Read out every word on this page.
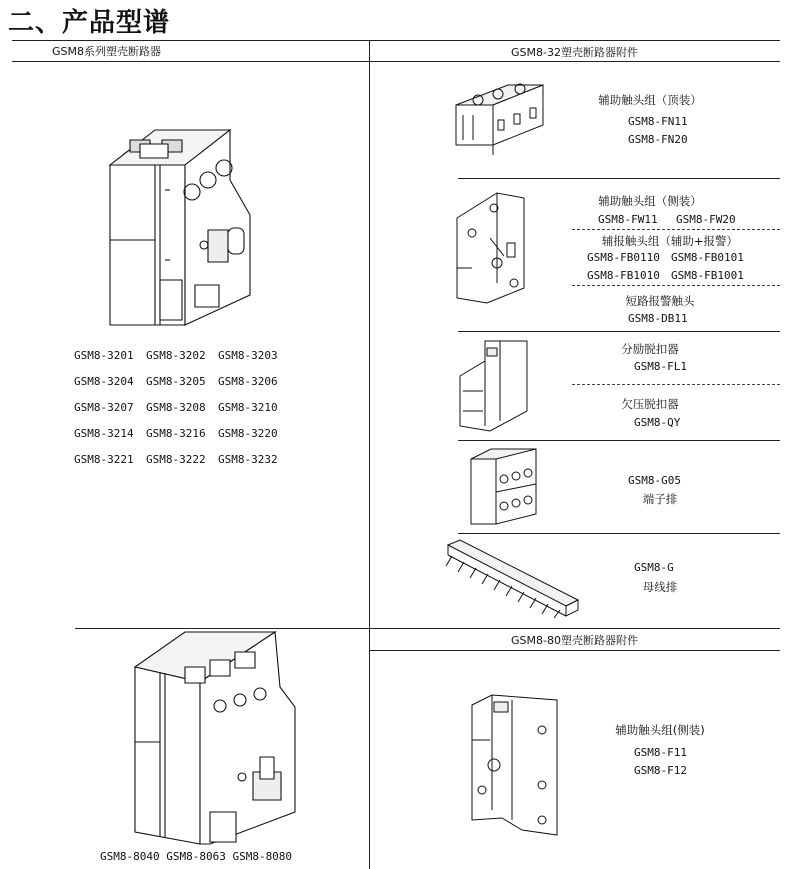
二、产品型谱
GSM8系列塑壳断路器	GSM8-32塑壳断路器附件
GSM8-80塑壳断路器附件
GSM8-3201	GSM8-3202	GSM8-3203
GSM8-3204	GSM8-3205	GSM8-3206
GSM8-3207	GSM8-3208	GSM8-3210
GSM8-3214	GSM8-3216	GSM8-3220
GSM8-3221	GSM8-3222	GSM8-3232
GSM8-8040 GSM8-8063 GSM8-8080
辅助触头组（顶装）
GSM8-FN11
GSM8-FN20
辅助触头组（侧装）
GSM8-FW11 GSM8-FW20
辅报触头组（辅助+报警）
GSM8-FB0110 GSM8-FB0101
GSM8-FB1010 GSM8-FB1001
短路报警触头
GSM8-DB11
分励脱扣器
GSM8-FL1
欠压脱扣器
GSM8-QY
GSM8-G05
端子排
GSM8-G
母线排
辅助触头组(侧装)
GSM8-F11
GSM8-F12
